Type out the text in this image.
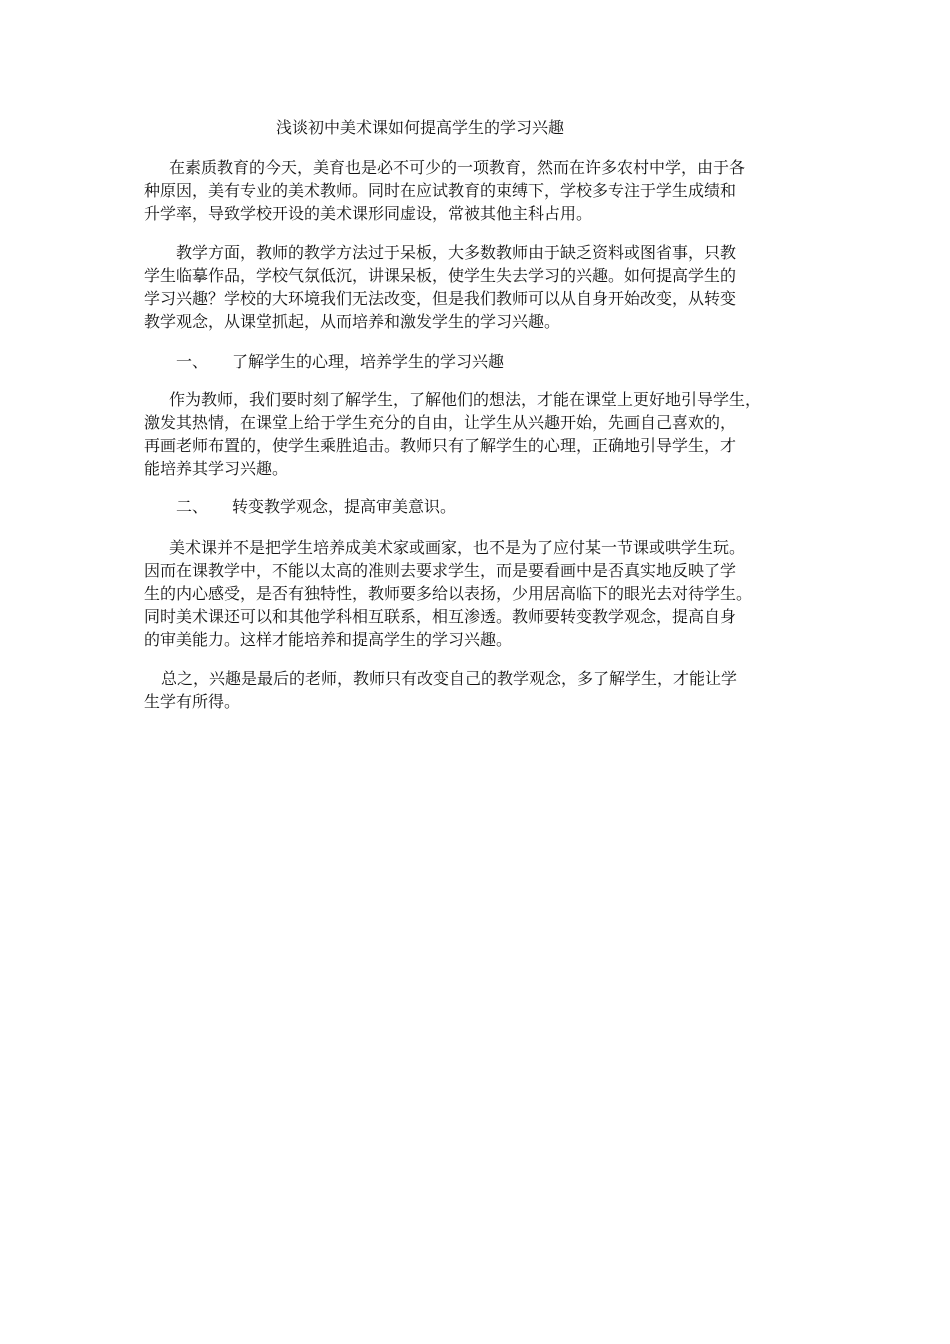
浅谈初中美术课如何提高学生的学习兴趣
在素质教育的今天，美育也是必不可少的一项教育，然而在许多农村中学，由于各
种原因，美有专业的美术教师。同时在应试教育的束缚下，学校多专注于学生成绩和
升学率，导致学校开设的美术课形同虚设，常被其他主科占用。
教学方面，教师的教学方法过于呆板，大多数教师由于缺乏资料或图省事，只教
学生临摹作品，学校气氛低沉，讲课呆板，使学生失去学习的兴趣。如何提高学生的
学习兴趣？学校的大环境我们无法改变，但是我们教师可以从自身开始改变，从转变
教学观念，从课堂抓起，从而培养和激发学生的学习兴趣。
一、 了解学生的心理，培养学生的学习兴趣
作为教师，我们要时刻了解学生，了解他们的想法，才能在课堂上更好地引导学生，
激发其热情，在课堂上给于学生充分的自由，让学生从兴趣开始，先画自己喜欢的，
再画老师布置的，使学生乘胜追击。教师只有了解学生的心理，正确地引导学生，才
能培养其学习兴趣。
二、 转变教学观念，提高审美意识。
美术课并不是把学生培养成美术家或画家，也不是为了应付某一节课或哄学生玩。
因而在课教学中，不能以太高的准则去要求学生，而是要看画中是否真实地反映了学
生的内心感受，是否有独特性，教师要多给以表扬，少用居高临下的眼光去对待学生。
同时美术课还可以和其他学科相互联系，相互渗透。教师要转变教学观念，提高自身
的审美能力。这样才能培养和提高学生的学习兴趣。
总之，兴趣是最后的老师，教师只有改变自己的教学观念，多了解学生，才能让学
生学有所得。
